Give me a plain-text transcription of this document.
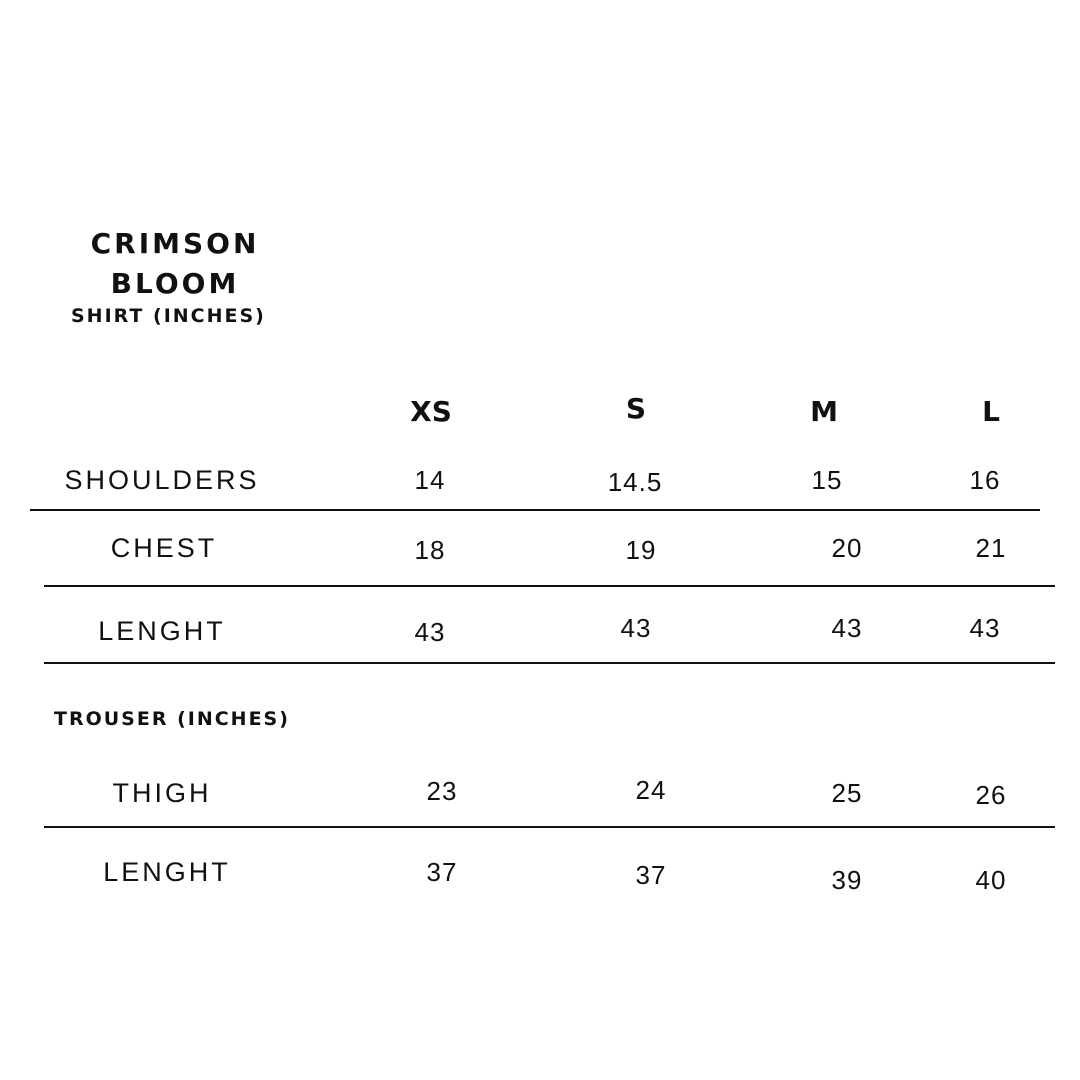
CRIMSON
BLOOM
SHIRT (INCHES)
XS	S	M	L
SHOULDERS	14	14.5	15	16
CHEST	18	19	20	21
LENGHT	43	43	43	43
TROUSER (INCHES)
THIGH	23	24	25	26
LENGHT	37	37	39	40
